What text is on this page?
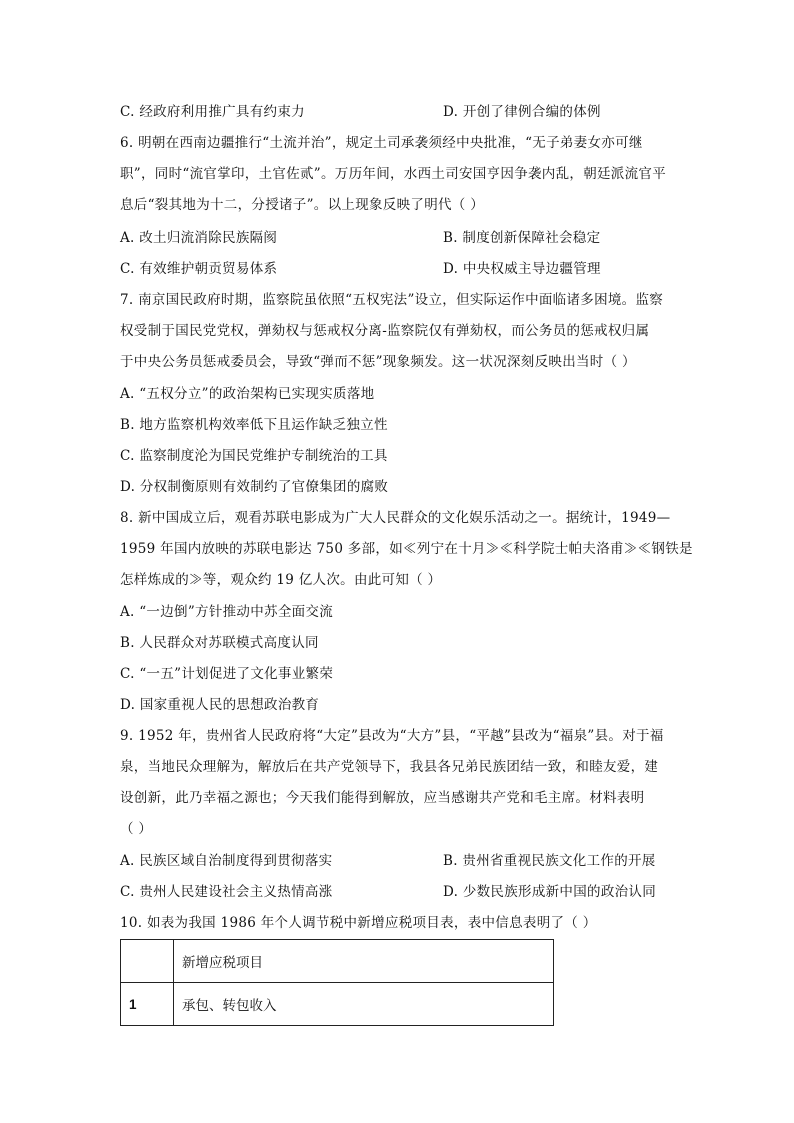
C. 经政府利用推广具有约束力	D. 开创了律例合编的体例
6. 明朝在西南边疆推行“土流并治”，规定土司承袭须经中央批准，“无子弟妻女亦可继
职”，同时“流官掌印，土官佐贰”。万历年间，水西土司安国亨因争袭内乱，朝廷派流官平
息后“裂其地为十二，分授诸子”。以上现象反映了明代（ ）
A. 改土归流消除民族隔阂	B. 制度创新保障社会稳定
C. 有效维护朝贡贸易体系	D. 中央权威主导边疆管理
7. 南京国民政府时期，监察院虽依照“五权宪法”设立，但实际运作中面临诸多困境。监察
权受制于国民党党权，弹劾权与惩戒权分离-监察院仅有弹劾权，而公务员的惩戒权归属
于中央公务员惩戒委员会，导致“弹而不惩”现象频发。这一状况深刻反映出当时（ ）
A. “五权分立”的政治架构已实现实质落地
B. 地方监察机构效率低下且运作缺乏独立性
C. 监察制度沦为国民党维护专制统治的工具
D. 分权制衡原则有效制约了官僚集团的腐败
8. 新中国成立后，观看苏联电影成为广大人民群众的文化娱乐活动之一。据统计，1949—
1959 年国内放映的苏联电影达 750 多部，如≪列宁在十月≫≪科学院士帕夫洛甫≫≪钢铁是
怎样炼成的≫等，观众约 19 亿人次。由此可知（ ）
A. “一边倒”方针推动中苏全面交流
B. 人民群众对苏联模式高度认同
C. “一五”计划促进了文化事业繁荣
D. 国家重视人民的思想政治教育
9. 1952 年，贵州省人民政府将“大定”县改为“大方”县，“平越”县改为“福泉”县。对于福
泉，当地民众理解为，解放后在共产党领导下，我县各兄弟民族团结一致，和睦友爱，建
设创新，此乃幸福之源也；今天我们能得到解放，应当感谢共产党和毛主席。材料表明
（ ）
A. 民族区域自治制度得到贯彻落实	B. 贵州省重视民族文化工作的开展
C. 贵州人民建设社会主义热情高涨	D. 少数民族形成新中国的政治认同
10. 如表为我国 1986 年个人调节税中新增应税项目表，表中信息表明了（ ）
	新增应税项目
1	承包、转包收入
